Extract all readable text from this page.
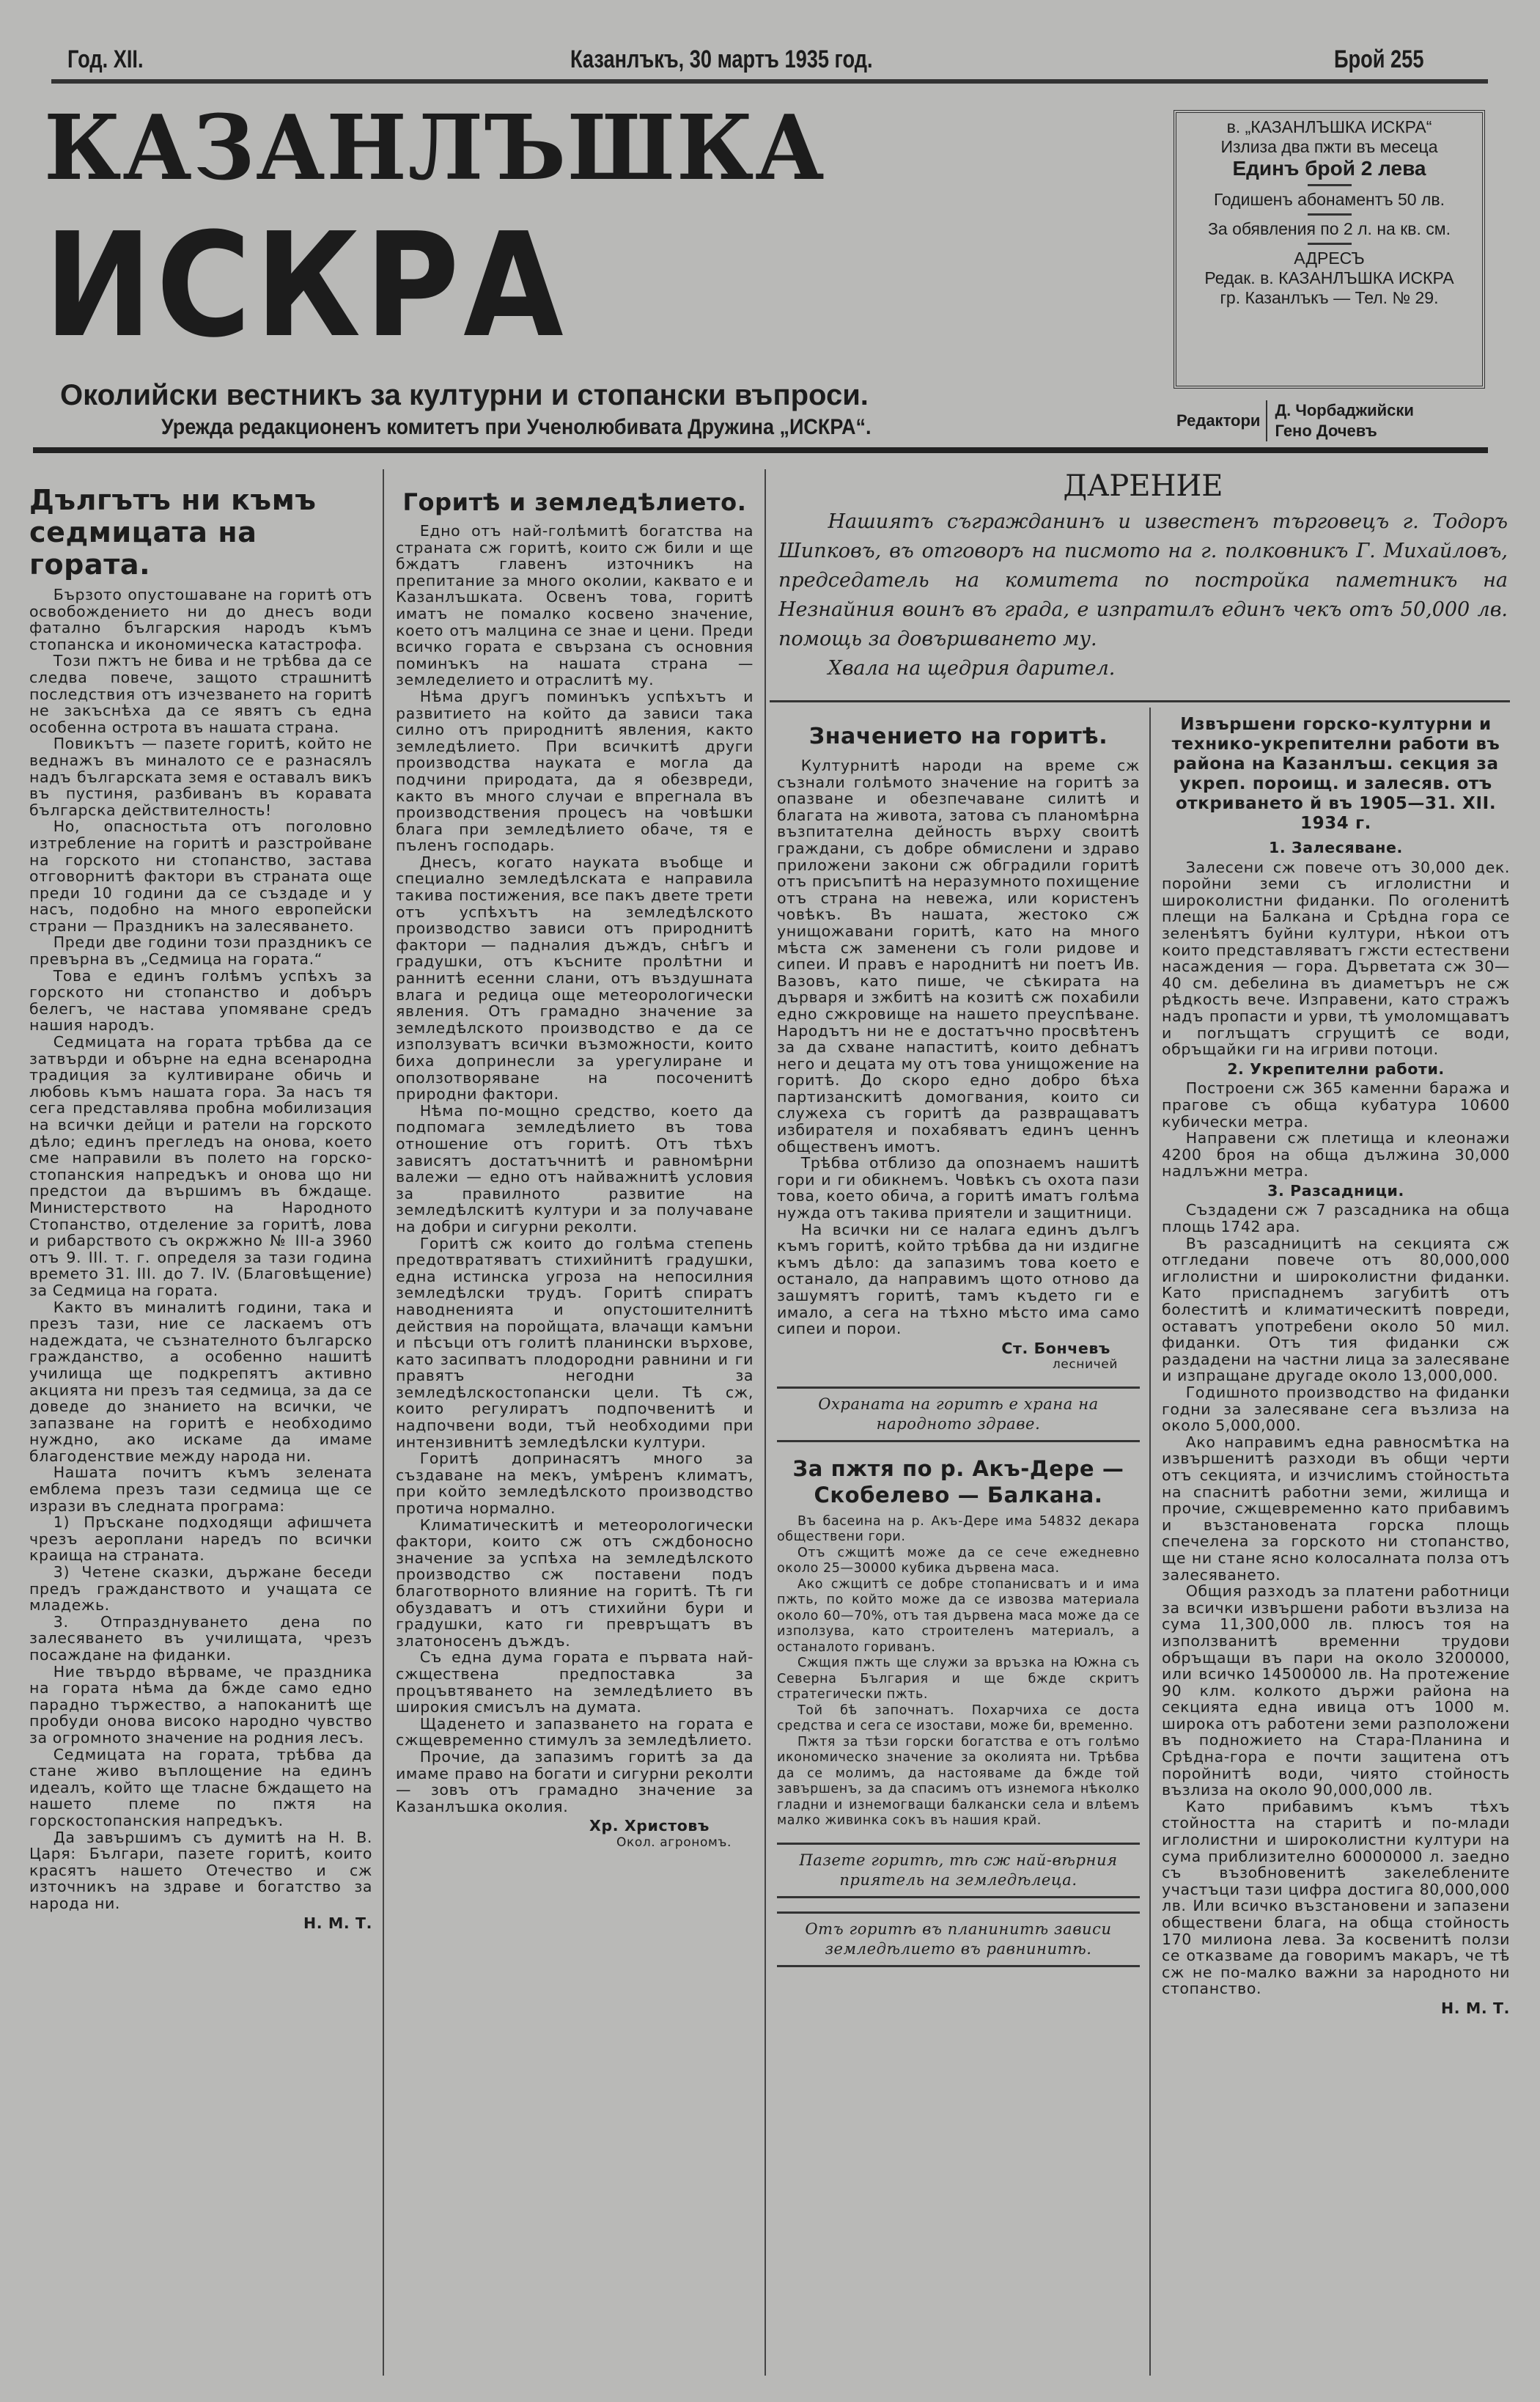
Год. XII.	Казанлъкъ, 30 мартъ 1935 год.	Брой 255
КАЗАНЛЪШКА
ИСКРА
Околийски вестникъ за културни и стопански въпроси.
Урежда редакционенъ комитетъ при Ученолюбивата Дружина „ИСКРА“.
в. „КАЗАНЛЪШКА ИСКРА“
Излиза два пжти въ месеца
Единъ брой 2 лева
Годишенъ абонаментъ 50 лв.
За обявления по 2 л. на кв. см.
АДРЕСЪ
Редак. в. КАЗАНЛЪШКА ИСКРА
гр. Казанлъкъ — Тел. № 29.
Редактори
Д. Чорбаджийски
Гено Дочевъ
Дългътъ ни къмъ седмицата на гората.

Бързото опустошаване на горитѣ отъ освобождението ни до днесъ води фатално българския народъ къмъ стопанска и икономическа катастрофа.

Този пжтъ не бива и не трѣбва да се следва повече, защото страшнитѣ последствия отъ изчезването на горитѣ не закъснѣха да се явятъ съ една особенна острота въ нашата страна.

Повикътъ — пазете горитѣ, който не веднажъ въ миналото се е разнасялъ надъ българската земя е оставалъ викъ въ пустиня, разбиванъ въ коравата българска действителность!

Но, опасностьта отъ поголовно изтребление на горитѣ и разстройване на горското ни стопанство, застава отговорнитѣ фактори въ страната още преди 10 години да се създаде и у насъ, подобно на много европейски страни — Праздникъ на залесяването.

Преди две години този праздникъ се превърна въ „Седмица на гората.“

Това е единъ голѣмъ успѣхъ за горското ни стопанство и добъръ белегъ, че настава упомяване средъ нашия народъ.

Седмицата на гората трѣбва да се затвърди и обърне на една всенародна традиция за култивиране обичь и любовь къмъ нашата гора. За насъ тя сега представлява пробна мобилизация на всички дейци и ратели на горското дѣло; единъ прегледъ на онова, което сме направили въ полето на горско-стопанския напредъкъ и онова що ни предстои да вършимъ въ бждаще. Министерството на Народното Стопанство, отделение за горитѣ, лова и рибарството съ окржжно № III-а 3960 отъ 9. III. т. г. определя за тази година времето 31. III. до 7. IV. (Благовѣщение) за Седмица на гората.

Както въ миналитѣ години, така и презъ тази, ние се ласкаемъ отъ надеждата, че съзнателното българско гражданство, а особенно нашитѣ училища ще подкрепятъ активно акцията ни презъ тая седмица, за да се доведе до знанието на всички, че запазване на горитѣ е необходимо нуждно, ако искаме да имаме благоденствие между народа ни.

Нашата почитъ къмъ зелената емблема презъ тази седмица ще се изрази въ следната програма:

1) Пръскане подходящи афишчета чрезъ аероплани наредъ по всички краища на страната.

3) Четене сказки, държане беседи предъ гражданството и учащата се младежь.

3. Отпразднуването дена по залесяването въ училищата, чрезъ посаждане на фиданки.

Ние твърдо вѣрваме, че праздника на гората нѣма да бжде само едно парадно тържество, а напоканитѣ ще пробуди онова високо народно чувство за огромното значение на родния лесъ.

Седмицата на гората, трѣбва да стане живо въплощение на единъ идеалъ, който ще тласне бждащето на нашето племе по пжтя на горскостопанския напредъкъ.

Да завършимъ съ думитѣ на Н. В. Царя: Българи, пазете горитѣ, които красятъ нашето Отечество и сж източникъ на здраве и богатство за народа ни.

Н. М. Т.
Горитѣ и земледѣлието.

Едно отъ най-голѣмитѣ богатства на страната сж горитѣ, които сж били и ще бждатъ главенъ източникъ на препитание за много околии, каквато е и Казанлъшката. Освенъ това, горитѣ иматъ не помалко косвено значение, което отъ малцина се знае и цени. Преди всичко гората е свързана съ основния поминъкъ на нашата страна — земледелието и отраслитѣ му.

Нѣма другъ поминъкъ успѣхътъ и развитието на който да зависи така силно отъ природнитѣ явления, както земледѣлието. При всичкитѣ други производства науката е могла да подчини природата, да я обезвреди, както въ много случаи е впрегнала въ производствения процесъ на човѣшки блага при земледѣлието обаче, тя е пъленъ господарь.

Днесъ, когато науката въобще и специално земледѣлската е направила такива постижения, все пакъ двете трети отъ успѣхътъ на земледѣлското производство зависи отъ природнитѣ фактори — падналия дъждъ, снѣгъ и градушки, отъ късните пролѣтни и раннитѣ есенни слани, отъ въздушната влага и редица още метеорологически явления. Отъ грамадно значение за земледѣлското производство е да се използуватъ всички възможности, които биха допринесли за урегулиране и оползотворяване на посоченитѣ природни фактори.

Нѣма по-мощно средство, което да подпомага земледѣлието въ това отношение отъ горитѣ. Отъ тѣхъ зависятъ достатъчнитѣ и равномѣрни валежи — едно отъ найважнитѣ условия за правилното развитие на земледѣлскитѣ култури и за получаване на добри и сигурни реколти.

Горитѣ сж които до голѣма степень предотвратяватъ стихийнитѣ градушки, една истинска угроза на непосилния земледѣлски трудъ. Горитѣ спиратъ наводненията и опустошителнитѣ действия на поройщата, влачащи камъни и пѣсъци отъ голитѣ планински върхове, като засипватъ плодородни равнини и ги правятъ негодни за земледѣлскостопански цели. Тѣ сж, които регулиратъ подпочвенитѣ и надпочвени води, тъй необходими при интензивнитѣ земледѣлски култури.

Горитѣ допринасятъ много за създаване на мекъ, умѣренъ климатъ, при който земледѣлското производство протича нормално.

Климатическитѣ и метеорологически фактори, които сж отъ сждбоносно значение за успѣха на земледѣлското производство сж поставени подъ благотворното влияние на горитѣ. Тѣ ги обуздаватъ и отъ стихийни бури и градушки, като ги превръщатъ въ златоносенъ дъждъ.

Съ една дума гората е първата най-сжществена предпоставка за процъвтяването на земледѣлието въ широкия смисълъ на думата.

Щаденето и запазването на гората е сжщевременно стимулъ за земледѣлието.

Прочие, да запазимъ горитѣ за да имаме право на богати и сигурни реколти — зовъ отъ грамадно значение за Казанлъшка околия.

Хр. Христовъ
Окол. агрономъ.
ДАРЕНИЕ

Нашиятъ съгражданинъ и известенъ търговецъ г. Тодоръ Шипковъ, въ отговоръ на писмото на г. полковникъ Г. Михайловъ, председатель на комитета по постройка паметникъ на Незнайния воинъ въ града, е изпратилъ единъ чекъ отъ 50,000 лв. помощь за довършването му.

Хвала на щедрия дарител.

Значението на горитѣ.

Културнитѣ народи на време сж съзнали голѣмото значение на горитѣ за опазване и обезпечаване силитѣ и благата на живота, затова съ планомѣрна възпитателна дейность върху своитѣ граждани, съ добре обмислени и здраво приложени закони сж обградили горитѣ отъ присъпитѣ на неразумното похищение отъ страна на невежа, или користенъ човѣкъ. Въ нашата, жестоко сж унищожавани горитѣ, като на много мѣста сж заменени съ голи ридове и сипеи. И правъ е народнитѣ ни поетъ Ив. Вазовъ, като пише, че сѣкирата на дърваря и зжбитѣ на козитѣ сж похабили едно сжкровище на нашето преуспѣване. Народътъ ни не е достатъчно просвѣтенъ за да схване напаститѣ, които дебнатъ него и децата му отъ това унищожение на горитѣ. До скоро едно добро бѣха партизанскитѣ домогвания, които си служеха съ горитѣ да развращаватъ избирателя и похабяватъ единъ ценнъ общественъ имотъ.

Трѣбва отблизо да опознаемъ нашитѣ гори и ги обикнемъ. Човѣкъ съ охота пази това, което обича, а горитѣ иматъ голѣма нужда отъ такива приятели и защитници.

На всички ни се налага единъ дългъ къмъ горитѣ, който трѣбва да ни издигне къмъ дѣло: да запазимъ това което е останало, да направимъ щото отново да зашумятъ горитѣ, тамъ където ги е имало, а сега на тѣхно мѣсто има само сипеи и порои.

Ст. Бончевъ
лесничей
Охраната на горитѣ е храна на народното здраве.
За пжтя по р. Акъ-Дере — Скобелево — Балкана.

Въ басеина на р. Акъ-Дере има 54832 декара обществени гори.

Отъ сжщитѣ може да се сече ежедневно около 25—30000 кубика дървена маса.

Ако сжщитѣ се добре стопанисватъ и и има пжть, по който може да се извозва материала около 60—70%, отъ тая дървена маса може да се използува, като строителенъ материалъ, а останалото гориванъ.

Сжщия пжть ще служи за връзка на Южна съ Северна България и ще бжде скритъ стратегически пжть.

Той бѣ започнатъ. Похарчиха се доста средства и сега се изостави, може би, временно.

Пжтя за тѣзи горски богатства е отъ голѣмо икономическо значение за околията ни. Трѣбва да се молимъ, да настояваме да бжде той завършенъ, за да спасимъ отъ изнемога нѣколко гладни и изнемогващи балкански села и влѣемъ малко живинка сокъ въ нашия край.

Пазете горитѣ, тѣ сж най-вѣрния приятель на земледѣлеца.
Отъ горитѣ въ планинитѣ зависи земледѣлието въ равнинитѣ.
Извършени горско-културни и технико-укрепителни работи въ района на Казанлъш. секция за укреп. пороищ. и залесяв. отъ откриването й въ 1905—31. XII. 1934 г.
1. Залесяване.

Залесени сж повече отъ 30,000 дек. поройни земи съ иглолистни и широколистни фиданки. По оголенитѣ плещи на Балкана и Срѣдна гора се зеленѣятъ буйни култури, нѣкои отъ които представляватъ гжсти естествени насаждения — гора. Дърветата сж 30—40 см. дебелина въ диаметъръ не сж рѣдкость вече. Изправени, като стражъ надъ пропасти и урви, тѣ умоломщаватъ и поглъщатъ сгрущитѣ се води, обръщайки ги на игриви потоци.

2. Укрепителни работи.

Построени сж 365 каменни баража и прагове съ обща кубатура 10600 кубически метра.

Направени сж плетища и клеонажи 4200 броя на обща дължина 30,000 надлъжни метра.

3. Разсадници.

Създадени сж 7 разсадника на обща площь 1742 ара.

Въ разсадницитѣ на секцията сж отгледани повече отъ 80,000,000 иглолистни и широколистни фиданки. Като приспаднемъ загубитѣ отъ болеститѣ и климатическитѣ повреди, оставатъ употребени около 50 мил. фиданки. Отъ тия фиданки сж раздадени на частни лица за залесяване и изпращане другаде около 13,000,000.

Годишното производство на фиданки годни за залесяване сега възлиза на около 5,000,000.

Ако направимъ една равносмѣтка на извършенитѣ разходи въ общи черти отъ секцията, и изчислимъ стойностьта на спаснитѣ работни земи, жилища и прочие, сжщевременно като прибавимъ и възстановената горска площь спечелена за горското ни стопанство, ще ни стане ясно колосалната полза отъ залесяването.

Общия разходъ за платени работници за всички извършени работи възлиза на сума 11,300,000 лв. плюсъ тоя на използванитѣ временни трудови обръщащи въ пари на около 3200000, или всичко 14500000 лв. На протежение 90 клм. колкото държи района на секцията една ивица отъ 1000 м. широка отъ работени земи разположени въ подножието на Стара-Планина и Срѣдна-гора е почти защитена отъ поройнитѣ води, чиято стойность възлиза на около 90,000,000 лв.

Като прибавимъ къмъ тѣхъ стойността на старитѣ и по-млади иглолистни и широколистни култури на сума приблизително 60000000 л. заедно съ възобновенитѣ закелеблените участъци тази цифра достига 80,000,000 лв. Или всичко възстановени и запазени обществени блага, на обща стойность 170 милиона лева. За косвенитѣ ползи се отказваме да говоримъ макаръ, че тѣ сж не по-малко важни за народното ни стопанство.

Н. М. Т.
